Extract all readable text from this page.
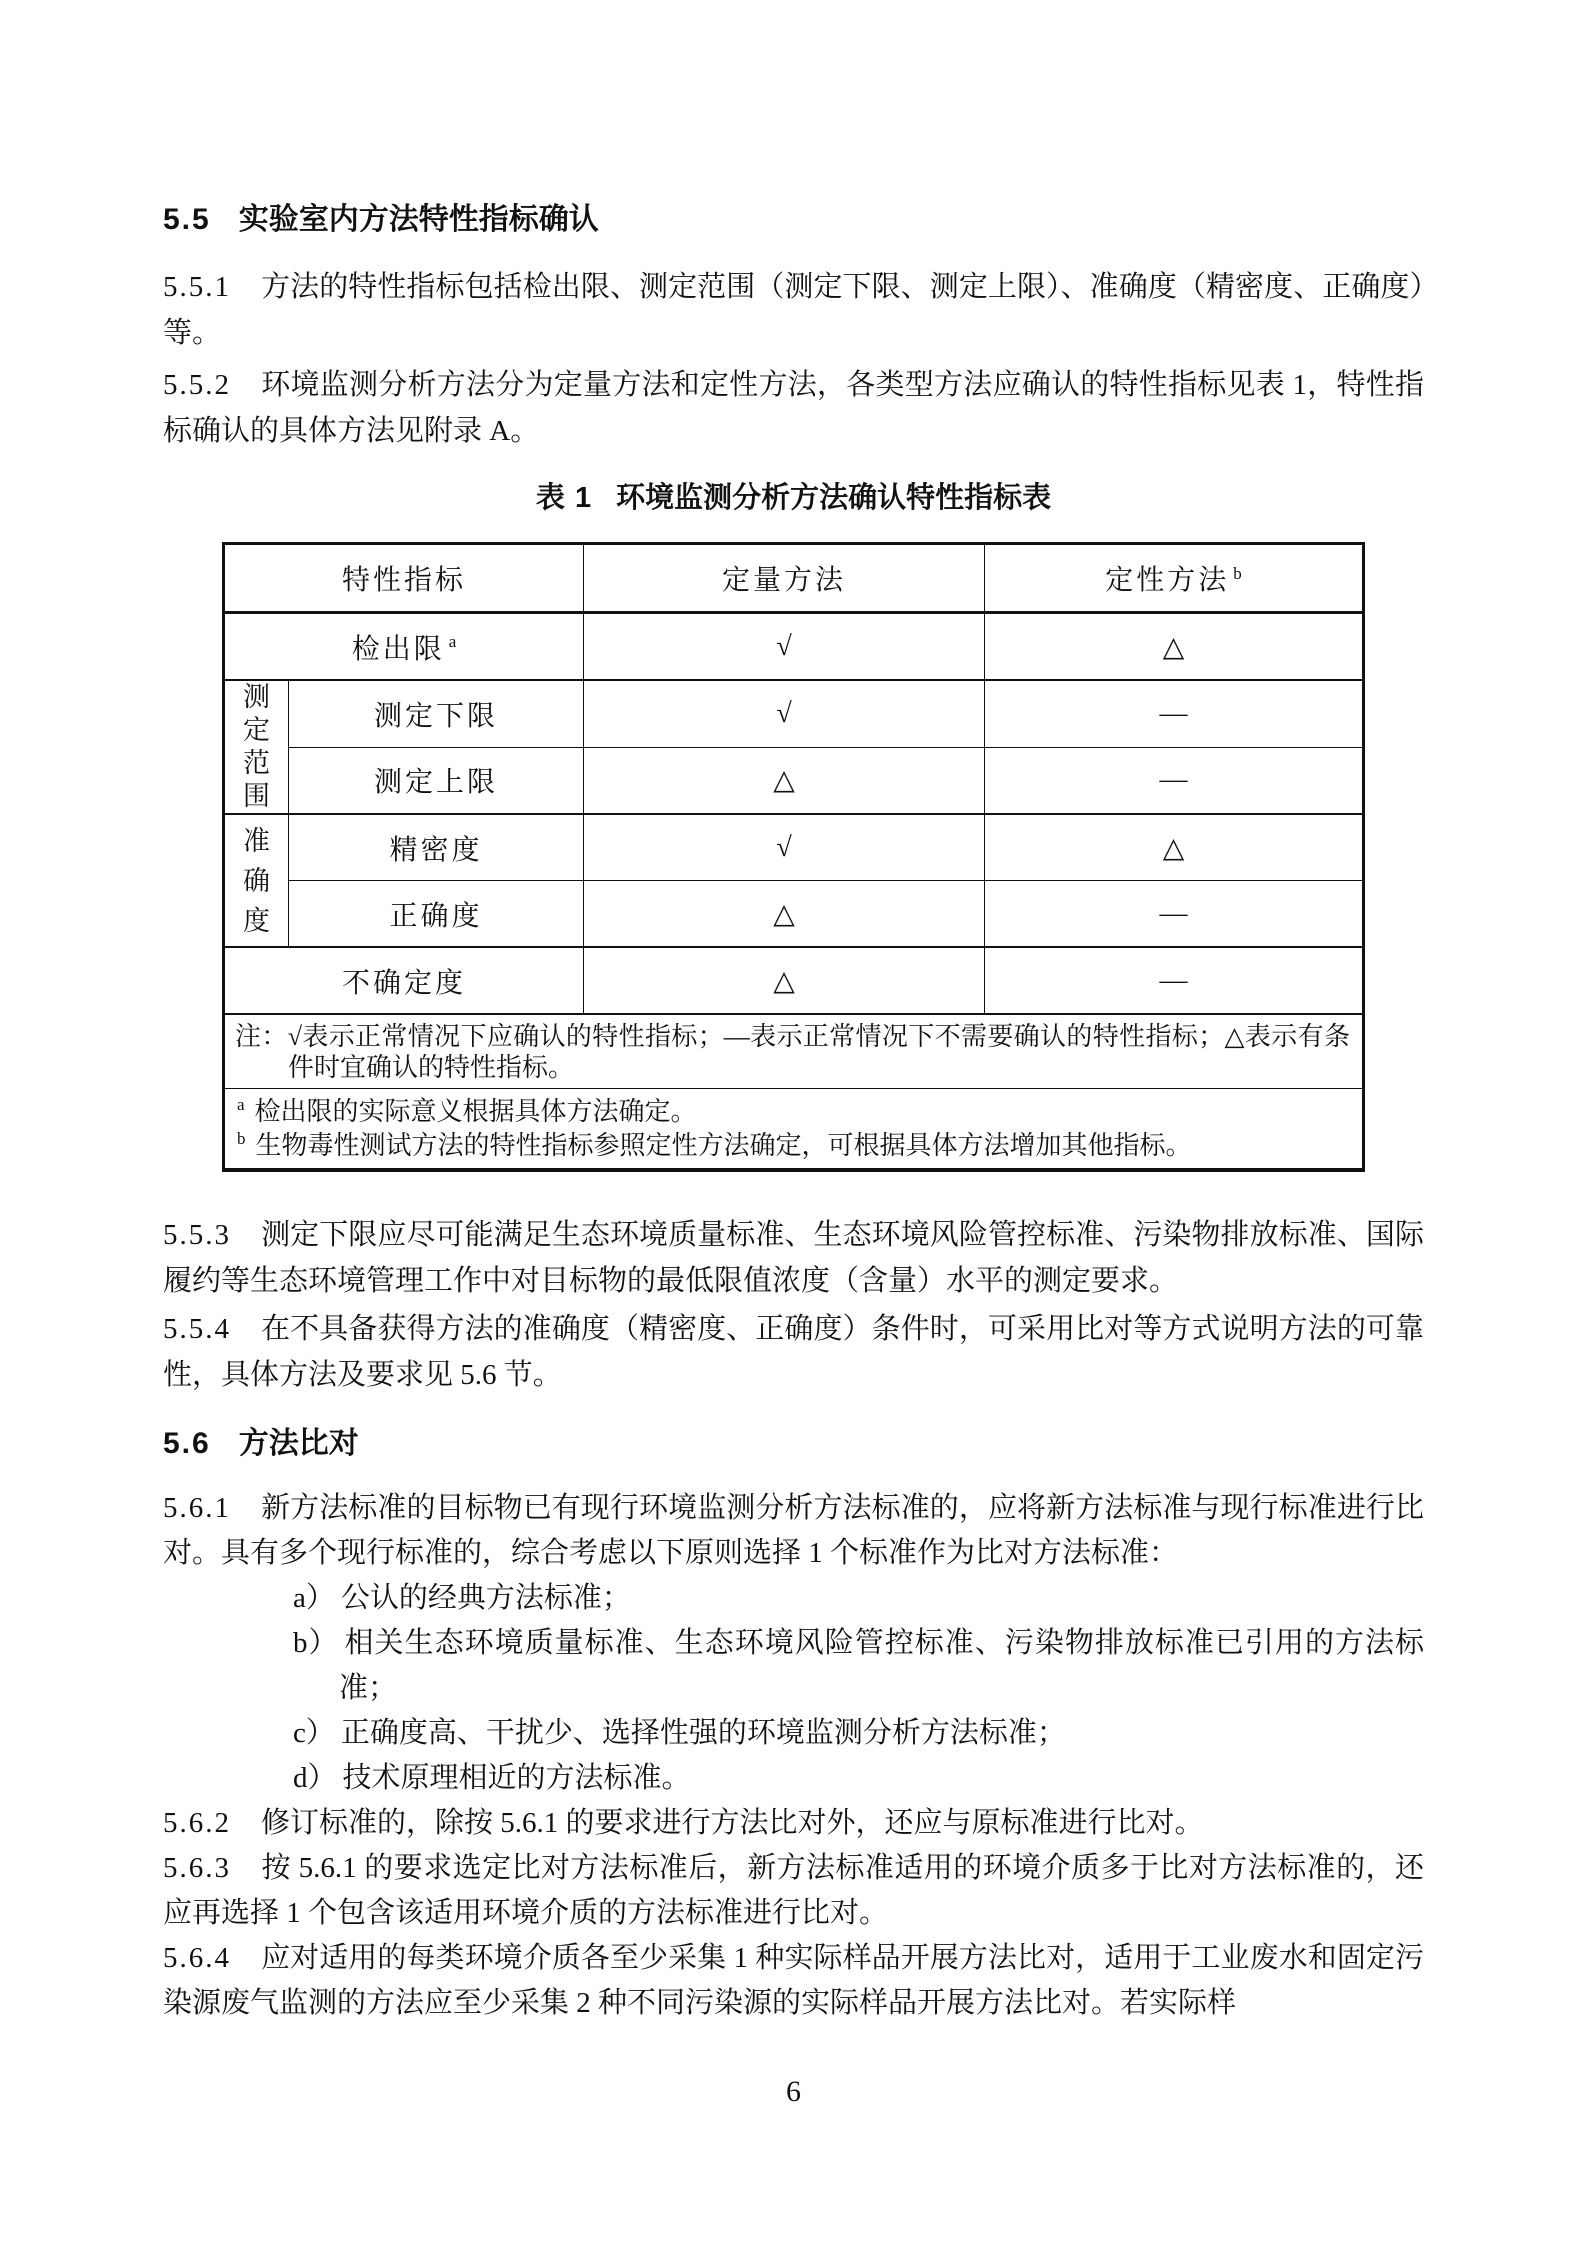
5.5 实验室内方法特性指标确认

5.5.1 方法的特性指标包括检出限、测定范围（测定下限、测定上限）、准确度（精密度、正确度）等。

5.5.2 环境监测分析方法分为定量方法和定性方法，各类型方法应确认的特性指标见表 1，特性指标确认的具体方法见附录 A。

表 1 环境监测分析方法确认特性指标表
特性指标		定量方法	定性方法 $^b$
检出限 $^a$		√	△

测定范围	测定下限	√	—
	测定上限	△	—

准确度	精密度	√	△
	正确度	△	—
不确定度		△	—

注：√表示正常情况下应确认的特性指标；—表示正常情况下不需要确认的特性指标；△表示有条件时宜确认的特性指标。			

$^a$ 检出限的实际意义根据具体方法确定。
$^b$ 生物毒性测试方法的特性指标参照定性方法确定，可根据具体方法增加其他指标。			

5.5.3 测定下限应尽可能满足生态环境质量标准、生态环境风险管控标准、污染物排放标准、国际履约等生态环境管理工作中对目标物的最低限值浓度（含量）水平的测定要求。

5.5.4 在不具备获得方法的准确度（精密度、正确度）条件时，可采用比对等方式说明方法的可靠性，具体方法及要求见 5.6 节。

5.6 方法比对

5.6.1 新方法标准的目标物已有现行环境监测分析方法标准的，应将新方法标准与现行标准进行比对。具有多个现行标准的，综合考虑以下原则选择 1 个标准作为比对方法标准：

a） 公认的经典方法标准；
b） 相关生态环境质量标准、生态环境风险管控标准、污染物排放标准已引用的方法标准；
c） 正确度高、干扰少、选择性强的环境监测分析方法标准；
d） 技术原理相近的方法标准。

5.6.2 修订标准的，除按 5.6.1 的要求进行方法比对外，还应与原标准进行比对。

5.6.3 按 5.6.1 的要求选定比对方法标准后，新方法标准适用的环境介质多于比对方法标准的，还应再选择 1 个包含该适用环境介质的方法标准进行比对。

5.6.4 应对适用的每类环境介质各至少采集 1 种实际样品开展方法比对，适用于工业废水和固定污染源废气监测的方法应至少采集 2 种不同污染源的实际样品开展方法比对。若实际样

6
